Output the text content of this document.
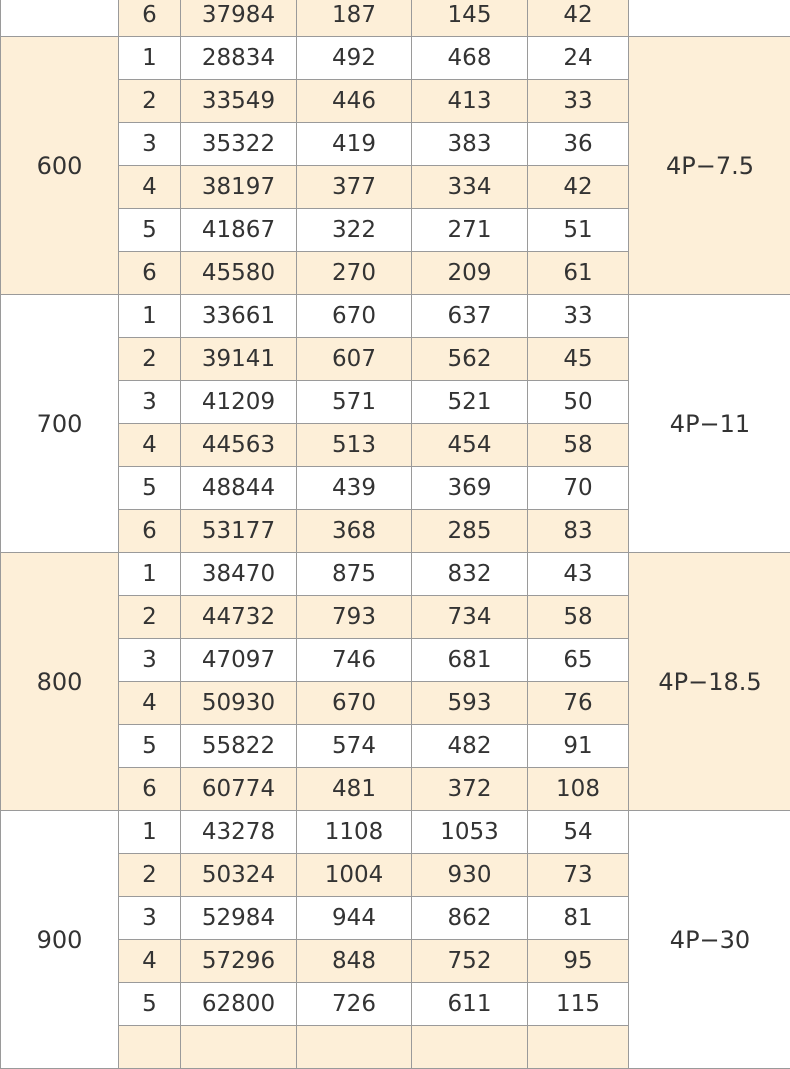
	6	37984	187	145	42	
600	1	28834	492	468	24	4P−7.5
	2	33549	446	413	33	
	3	35322	419	383	36	
	4	38197	377	334	42	
	5	41867	322	271	51	
	6	45580	270	209	61	
700	1	33661	670	637	33	4P−11
	2	39141	607	562	45	
	3	41209	571	521	50	
	4	44563	513	454	58	
	5	48844	439	369	70	
	6	53177	368	285	83	
800	1	38470	875	832	43	4P−18.5
	2	44732	793	734	58	
	3	47097	746	681	65	
	4	50930	670	593	76	
	5	55822	574	482	91	
	6	60774	481	372	108	
900	1	43278	1108	1053	54	4P−30
	2	50324	1004	930	73	
	3	52984	944	862	81	
	4	57296	848	752	95	
	5	62800	726	611	115	
